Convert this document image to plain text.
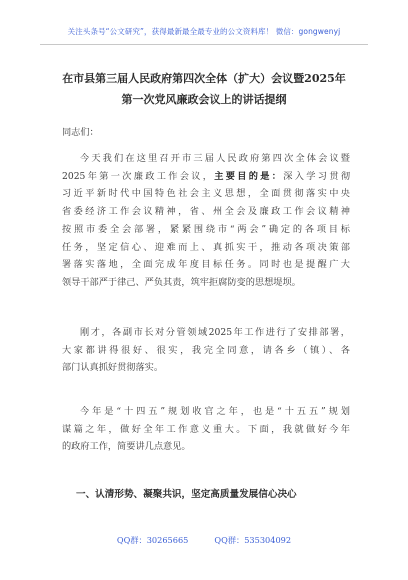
关注头条号“公文研究”，获得最新最全最专业的公文资料库！ 微信：gongwenyj
在市县第三届人民政府第四次全体（扩大）会议暨2025年
第一次党风廉政会议上的讲话提纲
同志们：
今天我们在这里召开市三届人民政府第四次全体会议暨
2025年第一次廉政工作会议，主要目的是：深入学习贯彻
习近平新时代中国特色社会主义思想，全面贯彻落实中央
省委经济工作会议精神，省、州全会及廉政工作会议精神
按照市委全会部署，紧紧围绕市“两会”确定的各项目标
任务，坚定信心、迎难而上、真抓实干，推动各项决策部
署落实落地，全面完成年度目标任务。同时也是提醒广大
领导干部严于律己、严负其责，筑牢拒腐防变的思想堤坝。
刚才，各副市长对分管领域2025年工作进行了安排部署，
大家都讲得很好、很实，我完全同意，请各乡（镇）、各
部门认真抓好贯彻落实。
今年是“十四五”规划收官之年，也是“十五五”规划
谋篇之年，做好全年工作意义重大。下面，我就做好今年
的政府工作，简要讲几点意见。
一、认清形势、凝聚共识，坚定高质量发展信心决心
QQ群：30265665	QQ群：535304092
